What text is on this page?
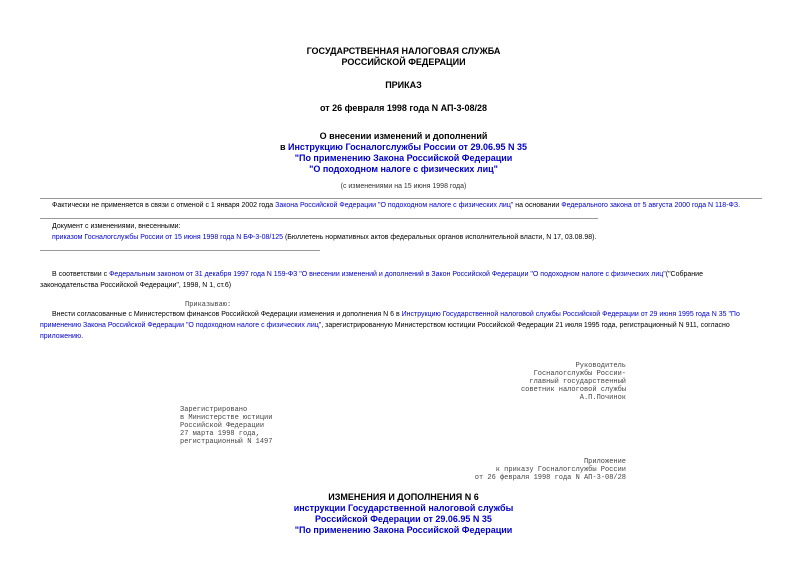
ГОСУДАРСТВЕННАЯ НАЛОГОВАЯ СЛУЖБА
РОССИЙСКОЙ ФЕДЕРАЦИИ
ПРИКАЗ
от 26 февраля 1998 года N АП-3-08/28
О внесении изменений и дополнений
в Инструкцию Госналогслужбы России от 29.06.95 N 35
"По применению Закона Российской Федерации
"О подоходном налоге с физических лиц"
(с изменениями на 15 июня 1998 года)
Фактически не применяется в связи с отменой с 1 января 2002 года Закона Российской Федерации "О подоходном налоге с физических лиц" на основании Федерального закона от 5 августа 2000 года N 118-ФЗ.
Документ с изменениями, внесенными:
приказом Госналогслужбы России от 15 июня 1998 года N БФ-3-08/125 (Бюллетень нормативных актов федеральных органов исполнительной власти, N 17, 03.08.98).
В соответствии с Федеральным законом от 31 декабря 1997 года N 159-ФЗ "О внесении изменений и дополнений в Закон Российской Федерации "О подоходном налоге с физических лиц"("Собрание
законодательства Российской Федерации", 1998, N 1, ст.6)
Приказываю:
Внести согласованные с Министерством финансов Российской Федерации изменения и дополнения N 6 в Инструкцию Государственной налоговой службы Российской Федерации от 29 июня 1995 года N 35 "По
применению Закона Российской Федерации "О подоходном налоге с физических лиц", зарегистрированную Министерством юстиции Российской Федерации 21 июля 1995 года, регистрационный N 911, согласно
приложению.
Руководитель
Госналогслужбы России-
главный государственный
советник налоговой службы
А.П.Починок
Зарегистрировано
в Министерстве юстиции
Российской Федерации
27 марта 1998 года,
регистрационный N 1497
Приложение
к приказу Госналогслужбы России
от 26 февраля 1998 года N АП-3-08/28
ИЗМЕНЕНИЯ И ДОПОЛНЕНИЯ N 6
инструкции Государственной налоговой службы
Российской Федерации от 29.06.95 N 35
"По применению Закона Российской Федерации
